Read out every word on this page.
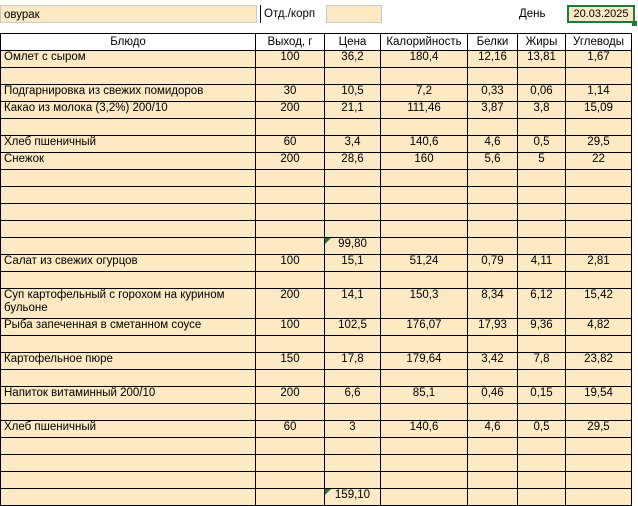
овурак	Отд./корп	День	20.03.2025
Блюдо	Выход, г	Цена	Калорийность	Белки	Жиры	Углеводы
Омлет с сыром	100	36,2	180,4	12,16	13,81	1,67

Подгарнировка из свежих помидоров	30	10,5	7,2	0,33	0,06	1,14
Какао из молока (3,2%) 200/10	200	21,1	111,46	3,87	3,8	15,09

Хлеб пшеничный	60	3,4	140,6	4,6	0,5	29,5
Снежок	200	28,6	160	5,6	5	22

		99,80

Салат из свежих огурцов	100	15,1	51,24	0,79	4,11	2,81

Суп картофельный с горохом на курином бульоне	200	14,1	150,3	8,34	6,12	15,42
Рыба запеченная в сметанном соусе	100	102,5	176,07	17,93	9,36	4,82

Картофельное пюре	150	17,8	179,64	3,42	7,8	23,82

Напиток витаминный 200/10	200	6,6	85,1	0,46	0,15	19,54

Хлеб пшеничный	60	3	140,6	4,6	0,5	29,5

		159,10
